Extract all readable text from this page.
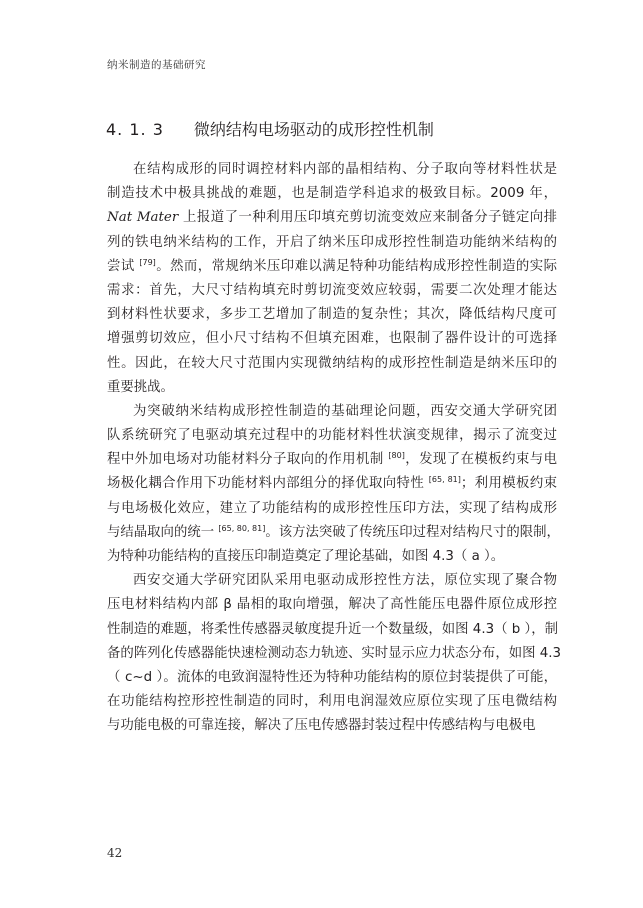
纳米制造的基础研究
4. 1. 3 微纳结构电场驱动的成形控性机制
在结构成形的同时调控材料内部的晶相结构、分子取向等材料性状是
制造技术中极具挑战的难题，也是制造学科追求的极致目标。2009 年，
Nat Mater 上报道了一种利用压印填充剪切流变效应来制备分子链定向排
列的铁电纳米结构的工作，开启了纳米压印成形控性制造功能纳米结构的
尝试 [79]。然而，常规纳米压印难以满足特种功能结构成形控性制造的实际
需求：首先，大尺寸结构填充时剪切流变效应较弱，需要二次处理才能达
到材料性状要求，多步工艺增加了制造的复杂性；其次，降低结构尺度可
增强剪切效应，但小尺寸结构不但填充困难，也限制了器件设计的可选择
性。因此，在较大尺寸范围内实现微纳结构的成形控性制造是纳米压印的
重要挑战。
为突破纳米结构成形控性制造的基础理论问题，西安交通大学研究团
队系统研究了电驱动填充过程中的功能材料性状演变规律，揭示了流变过
程中外加电场对功能材料分子取向的作用机制 [80]，发现了在模板约束与电
场极化耦合作用下功能材料内部组分的择优取向特性 [65, 81]；利用模板约束
与电场极化效应，建立了功能结构的成形控性压印方法，实现了结构成形
与结晶取向的统一 [65, 80, 81]。该方法突破了传统压印过程对结构尺寸的限制，
为特种功能结构的直接压印制造奠定了理论基础，如图 4.3（ a ）。
西安交通大学研究团队采用电驱动成形控性方法，原位实现了聚合物
压电材料结构内部 β 晶相的取向增强，解决了高性能压电器件原位成形控
性制造的难题，将柔性传感器灵敏度提升近一个数量级，如图 4.3（ b ），制
备的阵列化传感器能快速检测动态力轨迹、实时显示应力状态分布，如图 4.3
（ c~d ）。流体的电致润湿特性还为特种功能结构的原位封装提供了可能，
在功能结构控形控性制造的同时，利用电润湿效应原位实现了压电微结构
与功能电极的可靠连接，解决了压电传感器封装过程中传感结构与电极电
42
